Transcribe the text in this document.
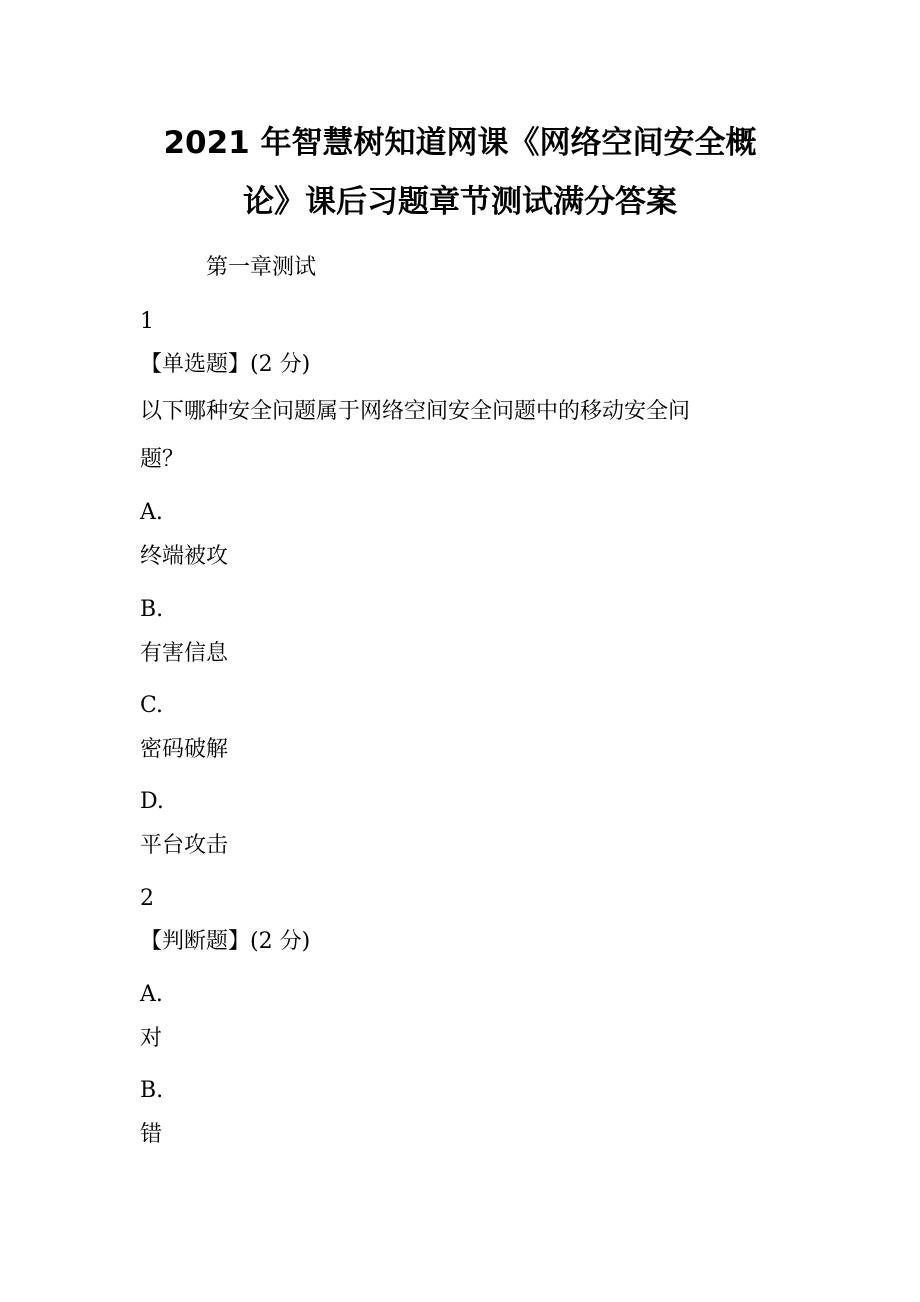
2021 年智慧树知道网课《网络空间安全概
论》课后习题章节测试满分答案
第一章测试
1
【单选题】(2 分)
以下哪种安全问题属于网络空间安全问题中的移动安全问
题？
A.
终端被攻
B.
有害信息
C.
密码破解
D.
平台攻击
2
【判断题】(2 分)
A.
对
B.
错
